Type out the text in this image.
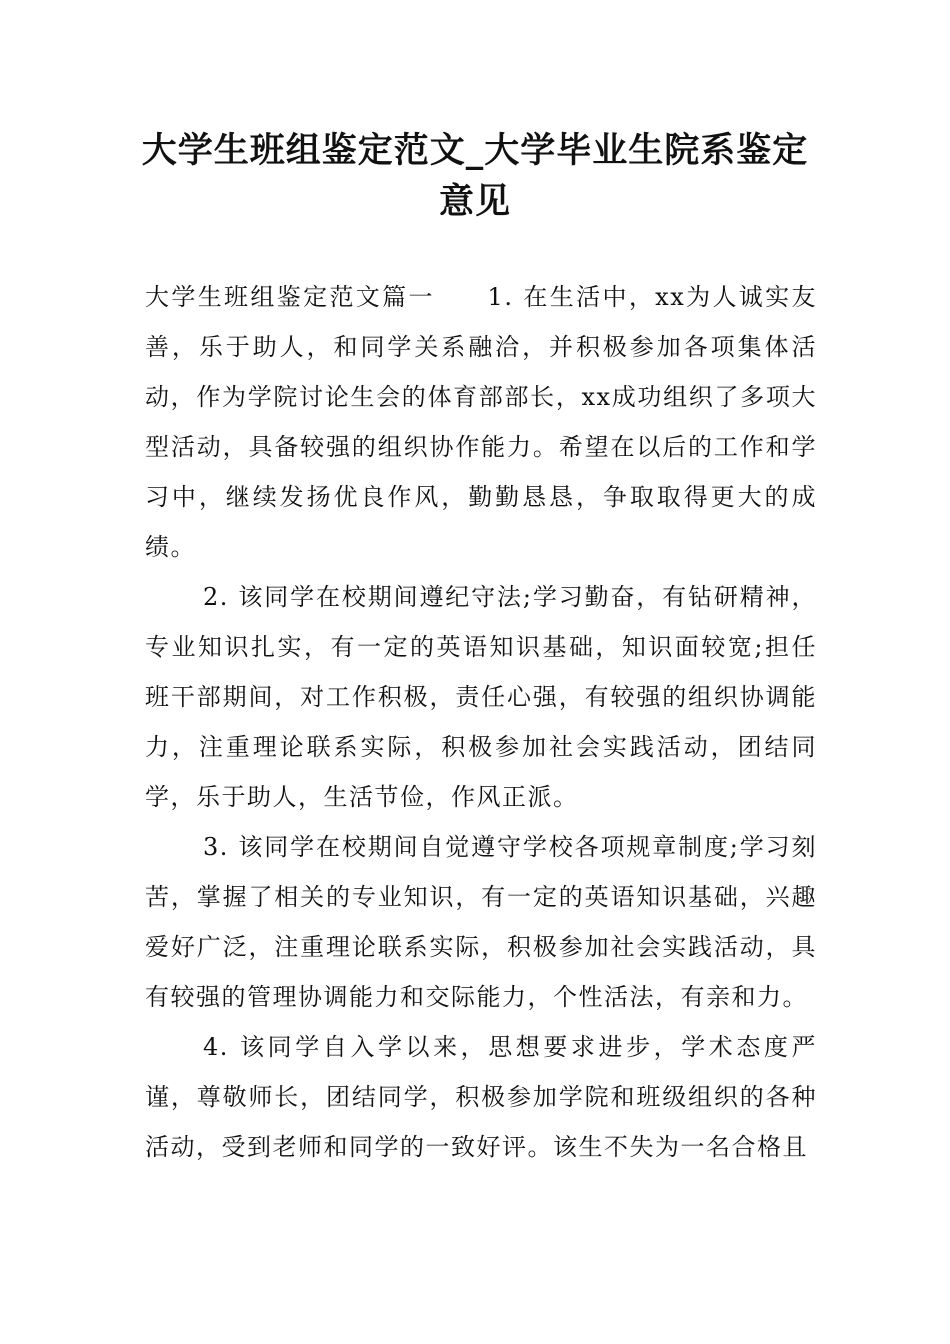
大学生班组鉴定范文_大学毕业生院系鉴定
意见

大学生班组鉴定范文篇一　　1. 在生活中，xx为人诚实友善，乐于助人，和同学关系融洽，并积极参加各项集体活动，作为学院讨论生会的体育部部长，xx成功组织了多项大型活动，具备较强的组织协作能力。希望在以后的工作和学习中，继续发扬优良作风，勤勤恳恳，争取取得更大的成绩。

2. 该同学在校期间遵纪守法;学习勤奋，有钻研精神，专业知识扎实，有一定的英语知识基础，知识面较宽;担任班干部期间，对工作积极，责任心强，有较强的组织协调能力，注重理论联系实际，积极参加社会实践活动，团结同学，乐于助人，生活节俭，作风正派。

3. 该同学在校期间自觉遵守学校各项规章制度;学习刻苦，掌握了相关的专业知识，有一定的英语知识基础，兴趣爱好广泛，注重理论联系实际，积极参加社会实践活动，具有较强的管理协调能力和交际能力，个性活法，有亲和力。

4. 该同学自入学以来，思想要求进步，学术态度严谨，尊敬师长，团结同学，积极参加学院和班级组织的各种活动，受到老师和同学的一致好评。该生不失为一名合格且
